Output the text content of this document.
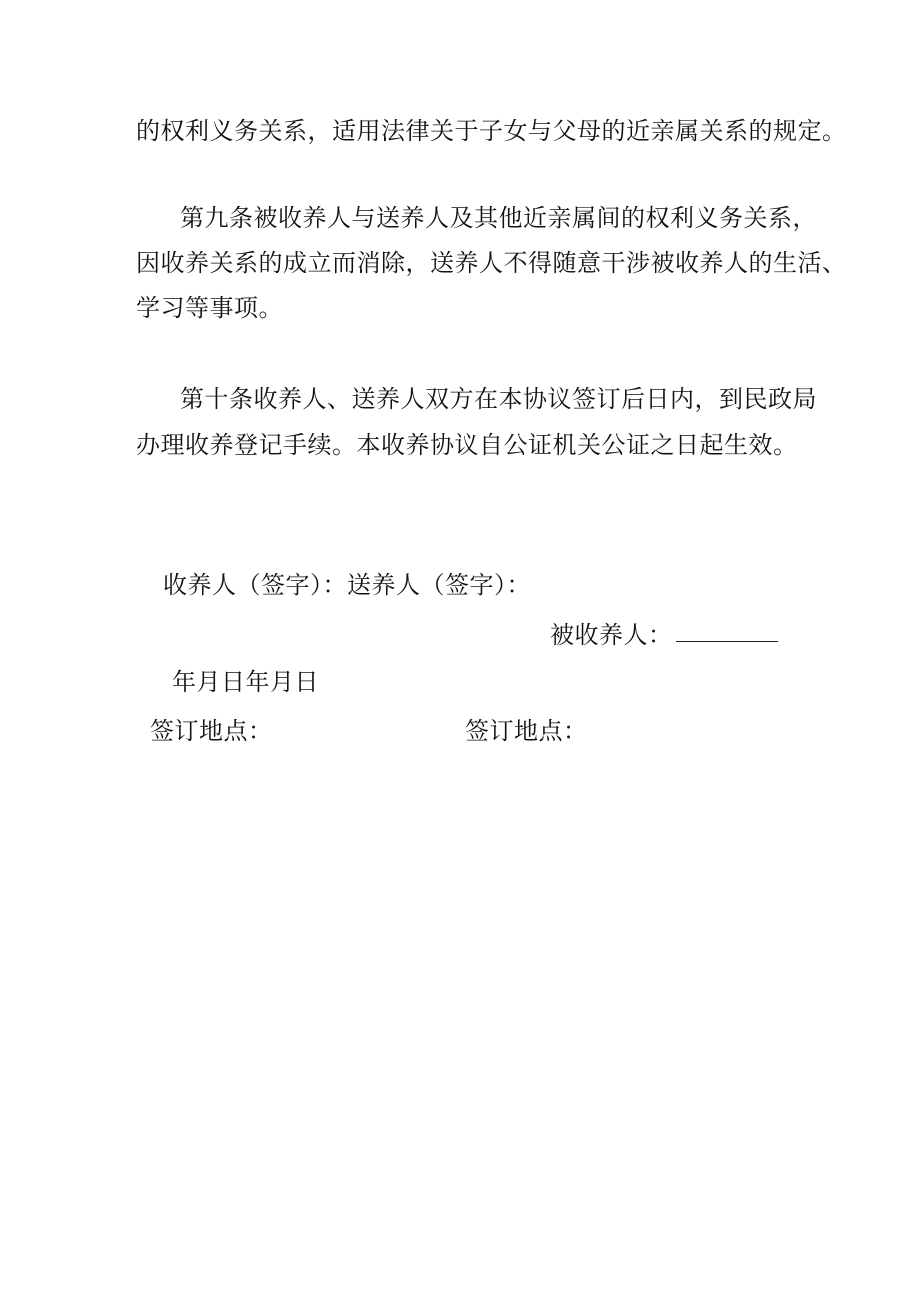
的权利义务关系，适用法律关于子女与父母的近亲属关系的规定。
第九条被收养人与送养人及其他近亲属间的权利义务关系，
因收养关系的成立而消除，送养人不得随意干涉被收养人的生活、
学习等事项。
第十条收养人、送养人双方在本协议签订后日内，到民政局
办理收养登记手续。本收养协议自公证机关公证之日起生效。
收养人（签字）：送养人（签字）：
被收养人：
年月日年月日
签订地点：	签订地点：
